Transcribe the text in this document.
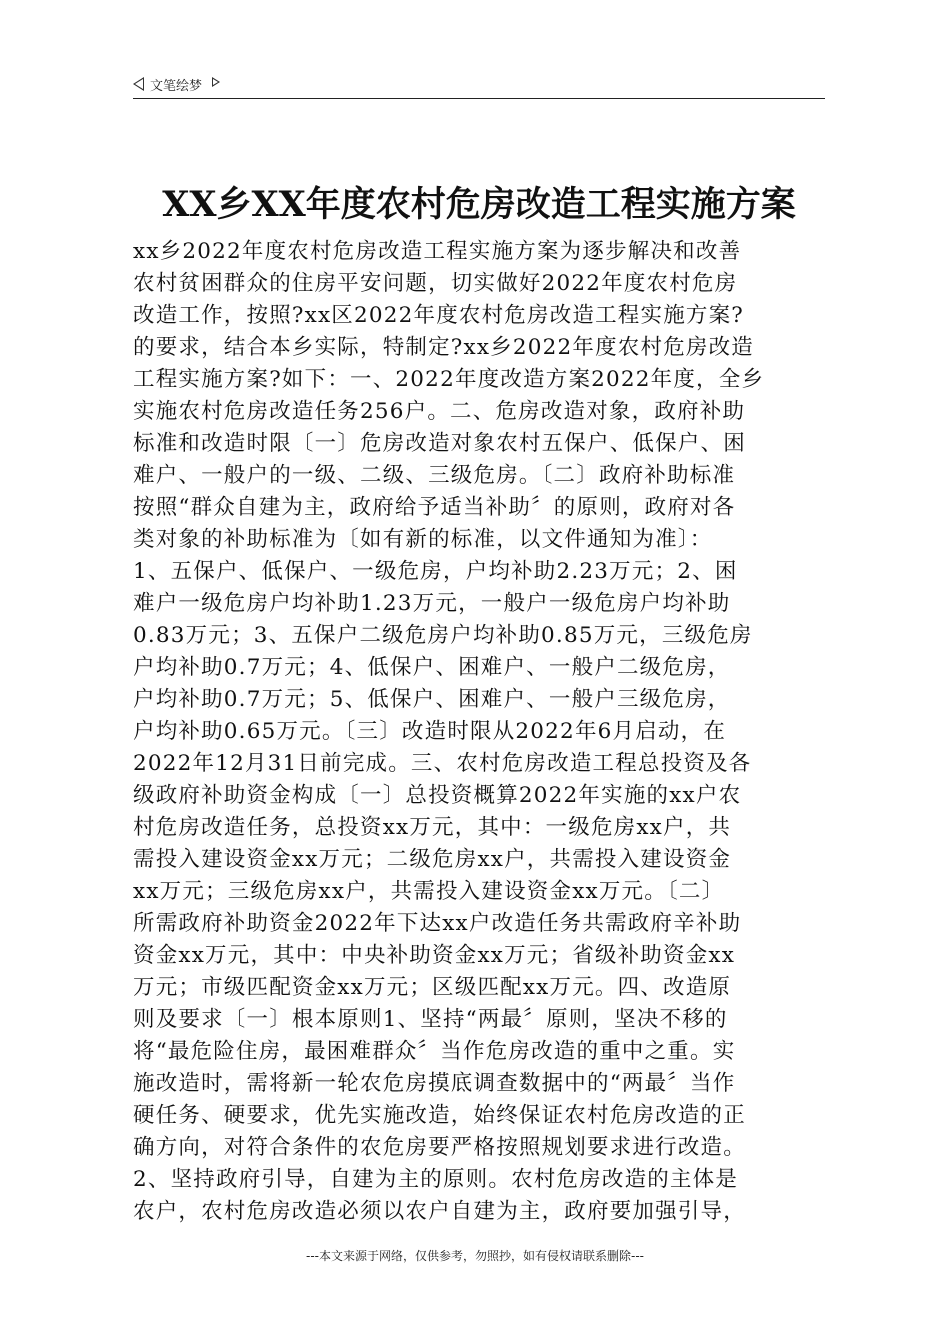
文笔绘梦
XX乡XX年度农村危房改造工程实施方案
xx乡2022年度农村危房改造工程实施方案为逐步解决和改善
农村贫困群众的住房平安问题，切实做好2022年度农村危房
改造工作，按照?xx区2022年度农村危房改造工程实施方案?
的要求，结合本乡实际，特制定?xx乡2022年度农村危房改造
工程实施方案?如下：一、2022年度改造方案2022年度，全乡
实施农村危房改造任务256户。二、危房改造对象，政府补助
标准和改造时限〔一〕危房改造对象农村五保户、低保户、困
难户、一般户的一级、二级、三级危房。〔二〕政府补助标准
按照“群众自建为主，政府给予适当补助〞的原则，政府对各
类对象的补助标准为〔如有新的标准，以文件通知为准〕：
1、五保户、低保户、一级危房，户均补助2.23万元；2、困
难户一级危房户均补助1.23万元，一般户一级危房户均补助
0.83万元；3、五保户二级危房户均补助0.85万元，三级危房
户均补助0.7万元；4、低保户、困难户、一般户二级危房，
户均补助0.7万元；5、低保户、困难户、一般户三级危房，
户均补助0.65万元。〔三〕改造时限从2022年6月启动，在
2022年12月31日前完成。三、农村危房改造工程总投资及各
级政府补助资金构成〔一〕总投资概算2022年实施的xx户农
村危房改造任务，总投资xx万元，其中：一级危房xx户，共
需投入建设资金xx万元；二级危房xx户，共需投入建设资金
xx万元；三级危房xx户，共需投入建设资金xx万元。〔二〕
所需政府补助资金2022年下达xx户改造任务共需政府辛补助
资金xx万元，其中：中央补助资金xx万元；省级补助资金xx
万元；市级匹配资金xx万元；区级匹配xx万元。四、改造原
则及要求〔一〕根本原则1、坚持“两最〞原则，坚决不移的
将“最危险住房，最困难群众〞当作危房改造的重中之重。实
施改造时，需将新一轮农危房摸底调查数据中的“两最〞当作
硬任务、硬要求，优先实施改造，始终保证农村危房改造的正
确方向，对符合条件的农危房要严格按照规划要求进行改造。
2、坚持政府引导，自建为主的原则。农村危房改造的主体是
农户，农村危房改造必须以农户自建为主，政府要加强引导，
---本文来源于网络，仅供参考，勿照抄，如有侵权请联系删除---
